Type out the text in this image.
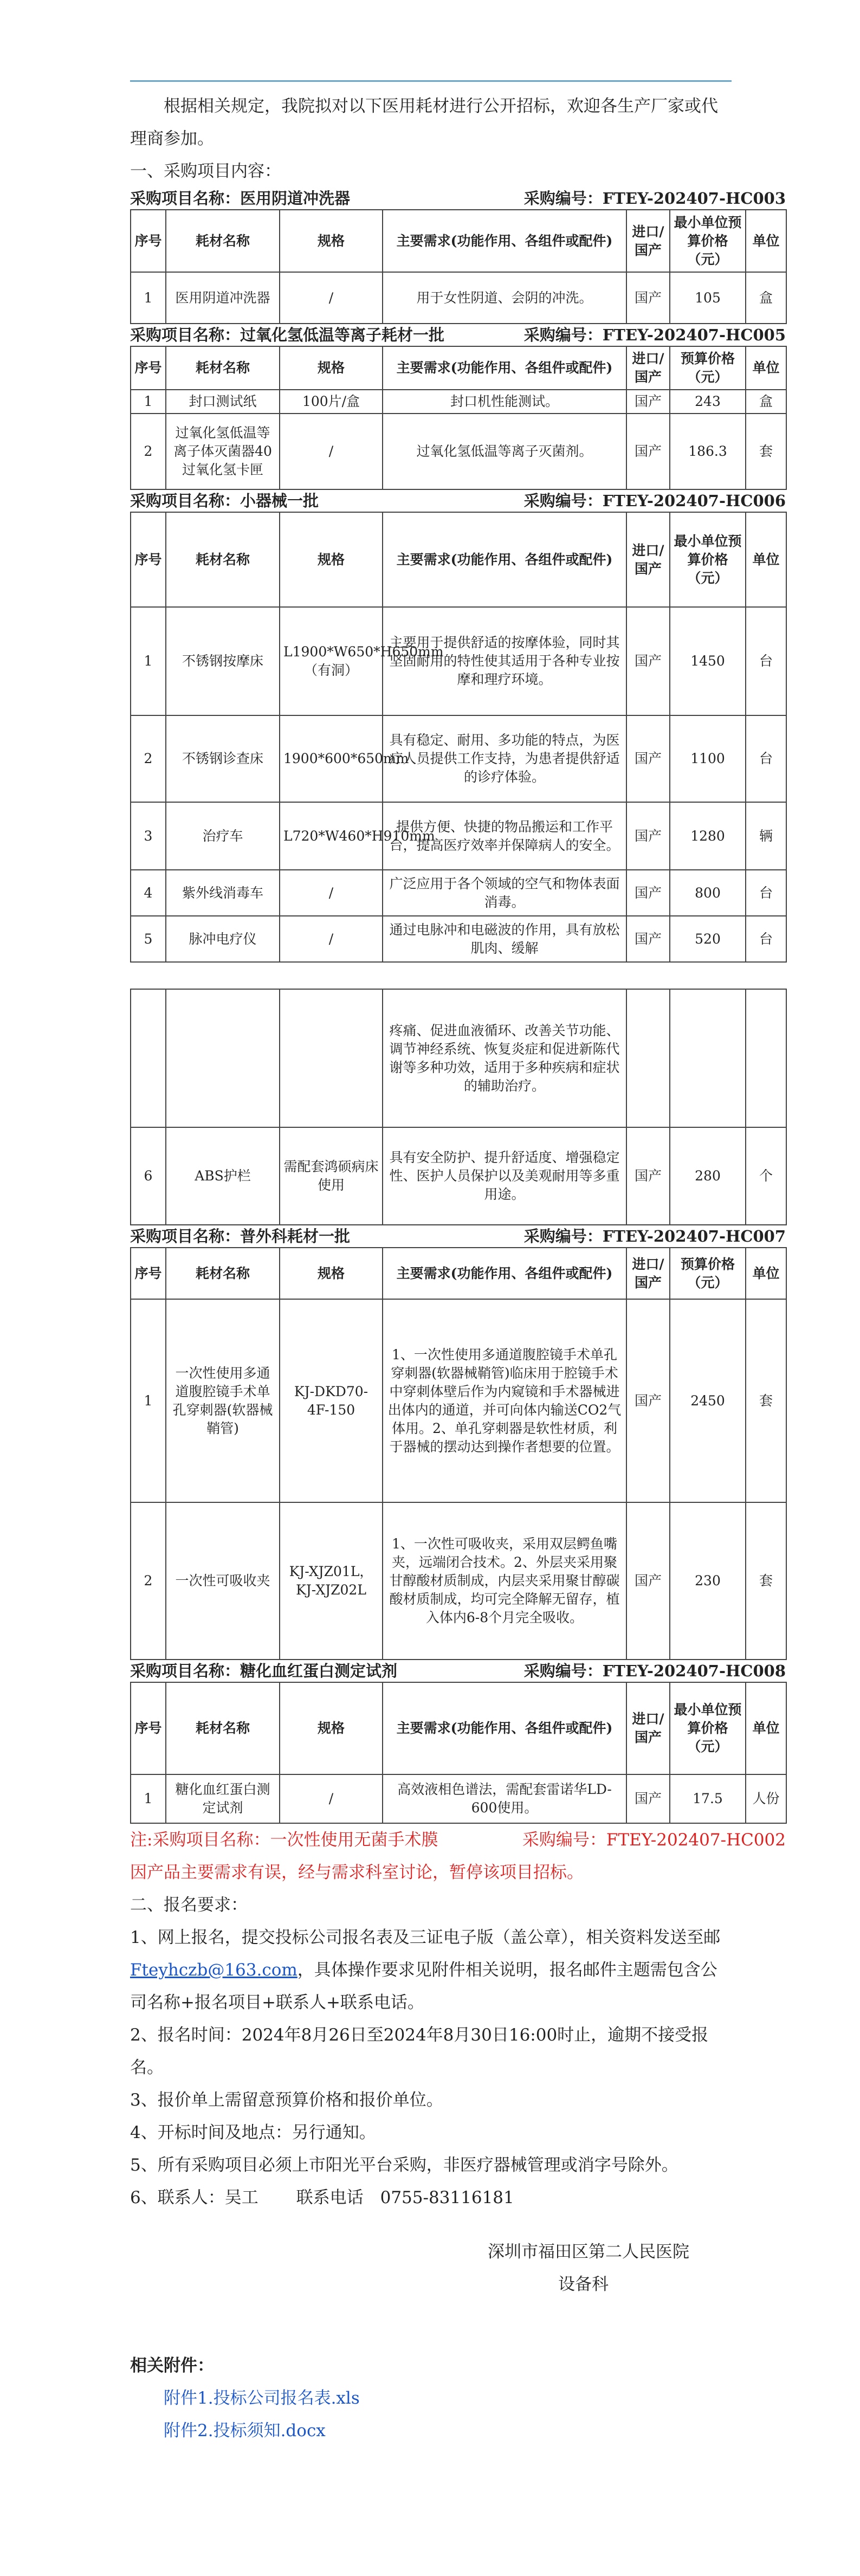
根据相关规定，我院拟对以下医用耗材进行公开招标，欢迎各生产厂家或代理商参加。

一、采购项目内容：

采购项目名称：医用阴道冲洗器	采购编号：FTEY-202407-HC003
序号	耗材名称	规格	主要需求(功能作用、各组件或配件)	进口/国产	最小单位预算价格（元）	单位
1	医用阴道冲洗器	/	用于女性阴道、会阴的冲洗。	国产	105	盒
采购项目名称：过氧化氢低温等离子耗材一批	采购编号：FTEY-202407-HC005
序号	耗材名称	规格	主要需求(功能作用、各组件或配件)	进口/国产	预算价格（元）	单位
1	封口测试纸	100片/盒	封口机性能测试。	国产	243	盒
2	过氧化氢低温等离子体灭菌器40过氧化氢卡匣	/	过氧化氢低温等离子灭菌剂。	国产	186.3	套
采购项目名称：小器械一批	采购编号：FTEY-202407-HC006
序号	耗材名称	规格	主要需求(功能作用、各组件或配件)	进口/国产	最小单位预算价格（元）	单位
1	不锈钢按摩床	L1900*W650*H650mm（有洞）	主要用于提供舒适的按摩体验，同时其坚固耐用的特性使其适用于各种专业按摩和理疗环境。	国产	1450	台
2	不锈钢诊查床	1900*600*650mm	具有稳定、耐用、多功能的特点，为医疗人员提供工作支持，为患者提供舒适的诊疗体验。	国产	1100	台
3	治疗车	L720*W460*H910mm	提供方便、快捷的物品搬运和工作平台，提高医疗效率并保障病人的安全。	国产	1280	辆
4	紫外线消毒车	/	广泛应用于各个领域的空气和物体表面消毒。	国产	800	台
5	脉冲电疗仪	/	通过电脉冲和电磁波的作用，具有放松肌肉、缓解	国产	520	台
			疼痛、促进血液循环、改善关节功能、调节神经系统、恢复炎症和促进新陈代谢等多种功效，适用于多种疾病和症状的辅助治疗。			
6	ABS护栏	需配套鸿硕病床使用	具有安全防护、提升舒适度、增强稳定性、医护人员保护以及美观耐用等多重用途。	国产	280	个
采购项目名称：普外科耗材一批	采购编号：FTEY-202407-HC007
序号	耗材名称	规格	主要需求(功能作用、各组件或配件)	进口/国产	预算价格（元）	单位
1	一次性使用多通道腹腔镜手术单孔穿刺器(软器械鞘管)	KJ-DKD70-4F-150	1、一次性使用多通道腹腔镜手术单孔穿刺器(软器械鞘管)临床用于腔镜手术中穿刺体壁后作为内窥镜和手术器械进出体内的通道，并可向体内输送CO2气体用。2、单孔穿刺器是软性材质，利于器械的摆动达到操作者想要的位置。	国产	2450	套
2	一次性可吸收夹	KJ-XJZ01L，KJ-XJZ02L	1、一次性可吸收夹，采用双层鳄鱼嘴夹，远端闭合技术。2、外层夹采用聚甘醇酸材质制成，内层夹采用聚甘醇碳酸材质制成，均可完全降解无留存，植入体内6-8个月完全吸收。	国产	230	套
采购项目名称：糖化血红蛋白测定试剂	采购编号：FTEY-202407-HC008
序号	耗材名称	规格	主要需求(功能作用、各组件或配件)	进口/国产	最小单位预算价格（元）	单位
1	糖化血红蛋白测定试剂	/	高效液相色谱法，需配套雷诺华LD-600使用。	国产	17.5	人份

注:采购项目名称：一次性使用无菌手术膜	采购编号：FTEY-202407-HC002

因产品主要需求有误，经与需求科室讨论，暂停该项目招标。

二、报名要求：

1、网上报名，提交投标公司报名表及三证电子版（盖公章），相关资料发送至邮Fteyhczb@163.com，具体操作要求见附件相关说明，报名邮件主题需包含公司名称+报名项目+联系人+联系电话。

2、报名时间：2024年8月26日至2024年8月30日16:00时止，逾期不接受报名。

3、报价单上需留意预算价格和报价单位。

4、开标时间及地点：另行通知。

5、所有采购项目必须上市阳光平台采购，非医疗器械管理或消字号除外。

6、联系人：吴工 联系电话　0755-83116181

深圳市福田区第二人民医院

设备科

相关附件：

附件1.投标公司报名表.xls

附件2.投标须知.docx
